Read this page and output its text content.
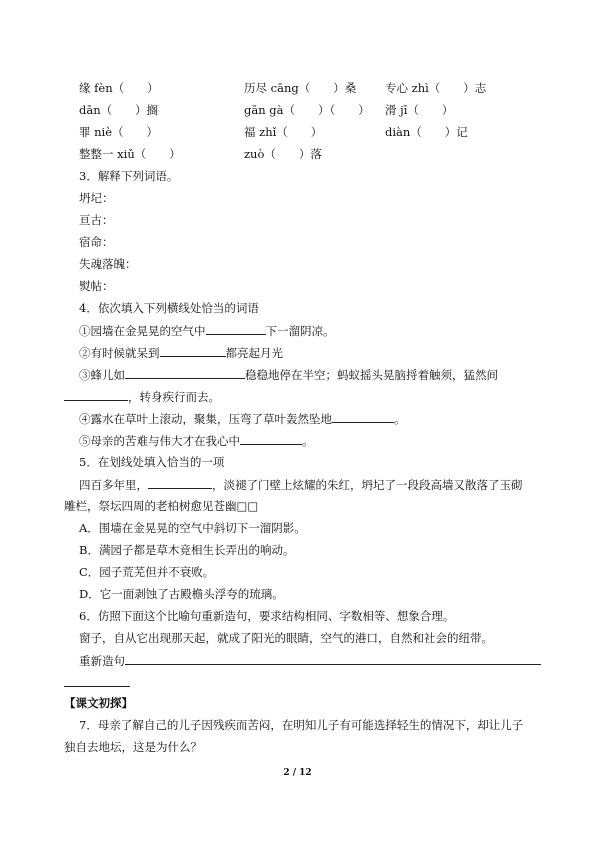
缘 fèn（　　）	历尽 cāng（　　）桑	专心 zhì（　　）志
dān（　　）搁	gān gà（　　）（　　） 滑 jī（　　）
罪 niè（　　）	福 zhǐ（　　）	diàn（　　）记
整整一 xiǔ（　　）	zuò（　　）落
3．解释下列词语。
坍圮：
亘古：
宿命：
失魂落魄：
熨帖：
4．依次填入下列横线处恰当的词语
①园墙在金晃晃的空气中	下一溜阴凉。
②有时候就呆到	都亮起月光
③蜂儿如	稳稳地停在半空；蚂蚁摇头晃脑捋着触须，猛然间
，转身疾行而去。
④露水在草叶上滚动，聚集，压弯了草叶轰然坠地	。
⑤母亲的苦难与伟大才在我心中	。
5．在划线处填入恰当的一项
四百多年里，	，淡褪了门壁上炫耀的朱红，坍圮了一段段高墙又散落了玉砌
雕栏，祭坛四周的老柏树愈见苍幽□□
A．围墙在金晃晃的空气中斜切下一溜阴影。
B．满园子都是草木竞相生长弄出的响动。
C．园子荒芜但并不衰败。
D．它一面剥蚀了古殿檐头浮夸的琉璃。
6．仿照下面这个比喻句重新造句，要求结构相同、字数相等、想象合理。
窗子，自从它出现那天起，就成了阳光的眼睛，空气的港口，自然和社会的纽带。
重新造句
【课文初探】
7．母亲了解自己的儿子因残疾而苦闷，在明知儿子有可能选择轻生的情况下，却让儿子
独自去地坛，这是为什么？
2 / 12
